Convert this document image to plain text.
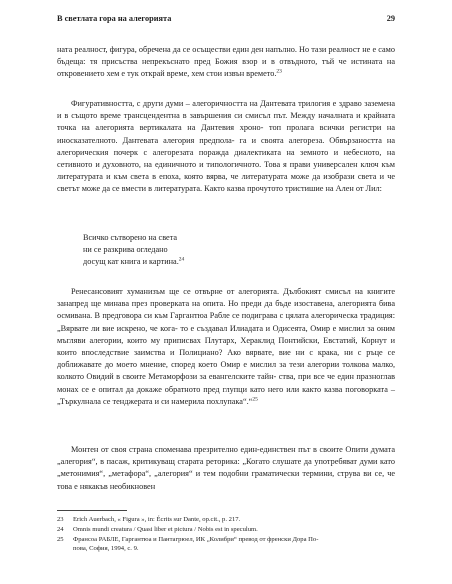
В светлата гора на алегорията	29

ната реалност, фигура, обречена да се осъществи един ден напълно. Но тази реалност не е само бъдеща: тя присъства непрекъснато пред Божия взор и в отвъдното, тъй че истината на откровението хем е тук открай време, хем стои извън времето.$^{23}$

Фигуративността, с други думи – алегоричността на Дантевата трилогия е здраво заземена и в същото време трансцендентна в завършения си смисъл път. Между началната и крайната точка на алегорията вертикалата на Дантевия хроно- топ пролага всички регистри на иносказателното. Дантевата алегория предпола- га и своята алегореза. Обвързаността на алегорическия почерк с алегорезата поражда диалектиката на земното и небесното, на сетивното и духовното, на единичното и типологичното. Това я прави универсален ключ към литературата и към света в епоха, която вярва, че литературата може да изобрази света и че светът може да се вмести в литературата. Както казва прочутото тристишие на Ален от Лил:

Всичко сътворено на света
ни се разкрива огледано
досущ кат книга и картина.$^{24}$

Ренесансовият хуманизъм ще се отвърне от алегорията. Дълбокият смисъл на книгите занапред ще минава през проверката на опита. Но преди да бъде изоставена, алегорията бива осмивана. В предговора си към Гаргантюа Рабле се подиграва с цялата алегорическа традиция: „Вярвате ли вие искрено, че кога- то е създавал Илиадата и Одисеята, Омир е мислил за оним мъгляви алегории, които му приписвах Плутарх, Хераклид Понтийски, Евстатий, Корнут и които впоследствие заимства и Полициано? Ако вярвате, вие ни с крака, ни с ръце се доближавате до моето мнение, според което Омир е мислил за тези алегории толкова малко, колкото Овидий в своите Метаморфози за евангелските тайн- ства, при все че един празноглав монах се е опитал да докаже обратното пред глупци като него или както казва поговорката – „Търкулнала се тенджерата и си намерила похлупака“.“$^{25}$

Монтен от своя страна споменава презрително един-единствен път в своите Опити думата „алегория“, в пасаж, критикуващ старата реторика: „Когато слушате да употребяват думи като „метонимия“, „метафора“, „алегория“ и тем подобни граматически термини, струва ви се, че това е някакъв необикновен

23	Erich Auerbach, « Figura », in: Écrits sur Dante, op.cit., p. 217.
24	Omnis mundi creatura / Quasi liber et pictura / Nobis est in speculum.
25	Франсоа РАБЛЕ, Гаргантюа и Пантагрюел, ИК „Колибри“ превод от френски Дора По-
пова, София, 1994, с. 9.
